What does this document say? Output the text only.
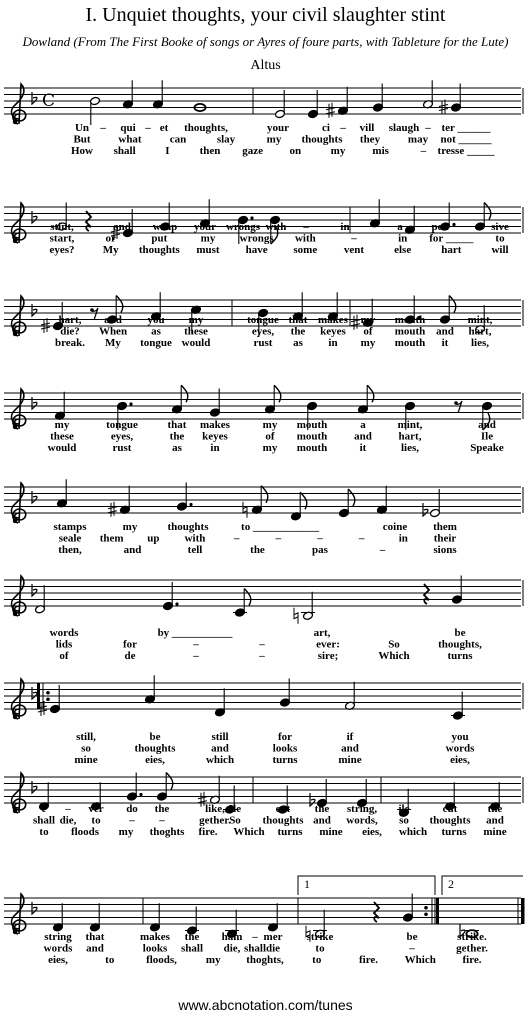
I. Unquiet thoughts, your civil slaughter stint
Dowland (From The First Booke of songs or Ayres of foure parts, with Tableture for the Lute)
Altus
C
Un – qui – et thoughts,	your	ci – vill slaugh – ter ______
But	what	can	slay	my thoughts they	may not ______
How shall	I	then gaze on	my mis	– tresse _____
stint,	and wrap your wrongs with –	in	a	pen	– sive
start,	or	put	my wrongs with	–	in for _____ to
eyes?	My thoughts must have some vent	else	hart	will
hart, and you my	tongue that makes my mouth a mint,
die? When as these	eyes, the keyes of mouth and hart,
break. My tongue would	rust as in my mouth it lies,
my	tongue	that makes	my mouth	a	mint,	and
these	eyes,	the keyes	of mouth and hart,	Ile
would	rust	as	in	my mouth	it	lies,	Speake
stamps	my	thoughts	to ____________	coine them
seale them up with	–	–	–	–	in their
then,	and	tell	the	pas	–	sions
words	by ___________	art,	be
lids	for	–	–	ever:	So	thoughts,
of	de	–	–	sire;	Which	turns
still,	be	still	for	if	you
so	thoughts	and	looks	and	words
mine	eies,	which	turns	mine	eies,
e – ver do the	like, Ile	cut the string, ile	cut	the
shall die, to	– –	gether.
So thoughts and words, so thoughts and
to floods my thoghts fire. Which turns mine eies, which turns mine
1	2
string that	makes the ham – mer strike	be	strike.
words and	looks shall die, shall die	to	–	gether.
eies,	to	floods,	my thoghts,	to	fire. Which fire.
www.abcnotation.com/tunes
